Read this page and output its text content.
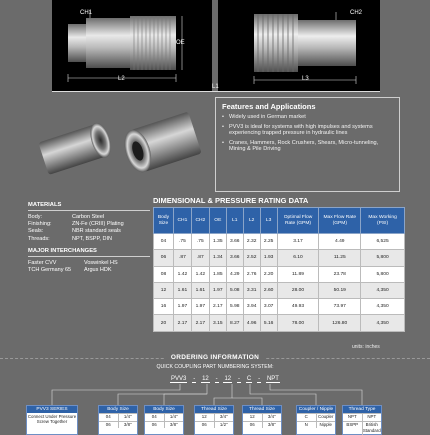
CH1
OE
L2
CH2
L3
L1
Features and Applications
• Widely used in German market
• PVV3 is ideal for systems with high impulses and systems experiencing trapped pressure in hydraulic lines
• Cranes, Hammers, Rock Crushers, Shears, Micro-tunneling, Mining & Pile Driving
MATERIALS
Body:	Carbon Steel
Finishing:	ZN-Fe (CRIII) Plating
Seals:	NBR standard seals
Threads:	NPT, BSPP, DIN
MAJOR INTERCHANGES
Faster CVV	Voswinkel HS
TCH Germany 65	Argus HDK
DIMENSIONAL & PRESSURE RATING DATA
Body Size	CH1	CH2	OE	L1	L2	L3	Optimal Flow Rate (GPM)	Max Flow Rate (GPM)	Max Working (PSI)
04	.75	.75	1.35	3.66	2.32	2.25	3.17	4.49	6,525
06	.87	.87	1.34	3.66	2.52	1.93	6.10	11.25	5,800
08	1.42	1.42	1.85	4.29	2.76	2.20	11.89	23.78	5,800
12	1.61	1.61	1.97	5.08	3.31	2.60	28.00	50.19	4,350
16	1.97	1.97	2.17	5.98	3.94	3.07	49.93	73.97	4,350
20	2.17	2.17	3.15	8.27	4.96	5.16	78.00	126.80	4,350
units: inches
ORDERING INFORMATION
QUICK COUPLING PART NUMBERING SYSTEM:
PVV3 - 12 - 12 - C - NPT
PVV3 SERIES
Connect Under Pressure Screw Together
Body Size
04	1/4"
06	3/8"
Body Size
04	1/4"
06	3/8"
Thread Size
12	3/4"
06	1/2"
Thread Size
12	3/4"
06	3/8"
Coupler / Nipple
C	Coupler
N	Nipple
Thread Type
NPT	NPT
BSPP	British Standard
